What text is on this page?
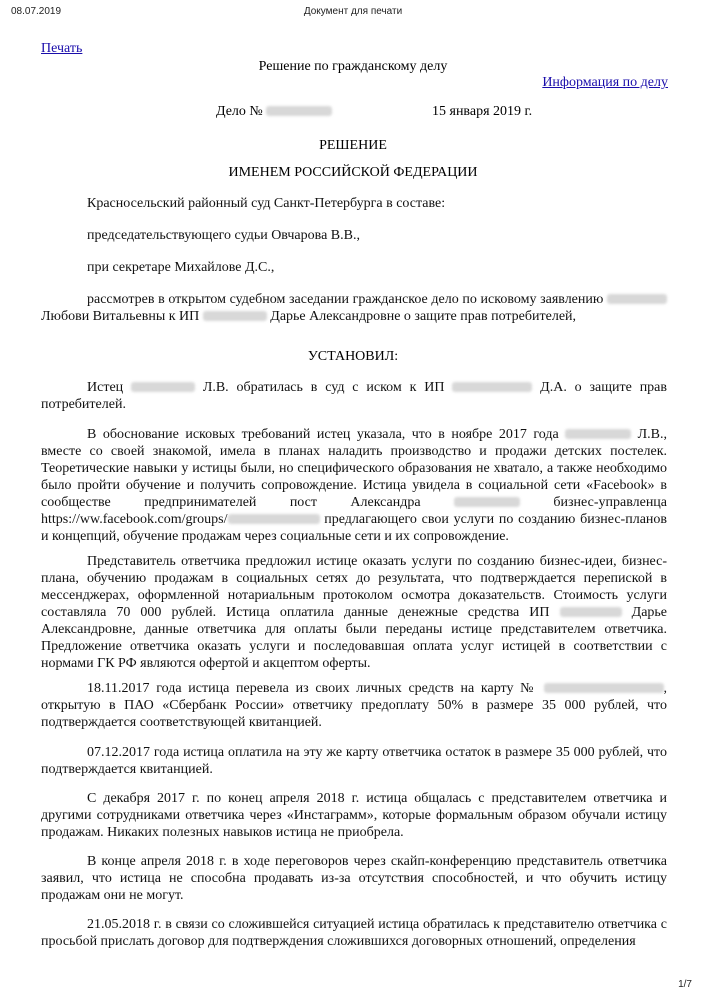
08.07.2019	Документ для печати
Печать
Решение по гражданскому делу
Информация по делу
Дело №	15 января 2019 г.
РЕШЕНИЕ
ИМЕНЕМ РОССИЙСКОЙ ФЕДЕРАЦИИ
Красносельский районный суд Санкт-Петербурга в составе:
председательствующего судьи Овчарова В.В.,
при секретаре Михайлове Д.С.,
рассмотрев в открытом судебном заседании гражданское дело по исковому заявлению  Любови Витальевны к ИП	Дарье Александровне о защите прав потребителей,
УСТАНОВИЛ:
Истец	Л.В. обратилась в суд с иском к ИП	Д.А. о защите прав потребителей.
В обоснование исковых требований истец указала, что в ноябре 2017 года	Л.В., вместе со своей знакомой, имела в планах наладить производство и продажи детских постелек. Теоретические навыки у истицы были, но специфического образования не хватало, а также необходимо было пройти обучение и получить сопровождение. Истица увидела в социальной сети «Facebook» в сообществе предпринимателей пост Александра	бизнес-управленца https://ww.facebook.com/groups/	предлагающего свои услуги по созданию бизнес-планов и концепций, обучение продажам через социальные сети и их сопровождение.
Представитель ответчика предложил истице оказать услуги по созданию бизнес-идеи, бизнес-плана, обучению продажам в социальных сетях до результата, что подтверждается перепиской в мессенджерах, оформленной нотариальным протоколом осмотра доказательств. Стоимость услуги составляла 70 000 рублей. Истица оплатила данные денежные средства ИП	Дарье Александровне, данные ответчика для оплаты были переданы истице представителем ответчика. Предложение ответчика оказать услуги и последовавшая оплата услуг истицей в соответствии с нормами ГК РФ являются офертой и акцептом оферты.
18.11.2017 года истица перевела из своих личных средств на карту №	, открытую в ПАО «Сбербанк России» ответчику предоплату 50% в размере 35 000 рублей, что подтверждается соответствующей квитанцией.
07.12.2017 года истица оплатила на эту же карту ответчика остаток в размере 35 000 рублей, что подтверждается квитанцией.
С декабря 2017 г. по конец апреля 2018 г. истица общалась с представителем ответчика и другими сотрудниками ответчика через «Инстаграмм», которые формальным образом обучали истицу продажам. Никаких полезных навыков истица не приобрела.
В конце апреля 2018 г. в ходе переговоров через скайп-конференцию представитель ответчика заявил, что истица не способна продавать из-за отсутствия способностей, и что обучить истицу продажам они не могут.
21.05.2018 г. в связи со сложившейся ситуацией истица обратилась к представителю ответчика с просьбой прислать договор для подтверждения сложившихся договорных отношений, определения
1/7
